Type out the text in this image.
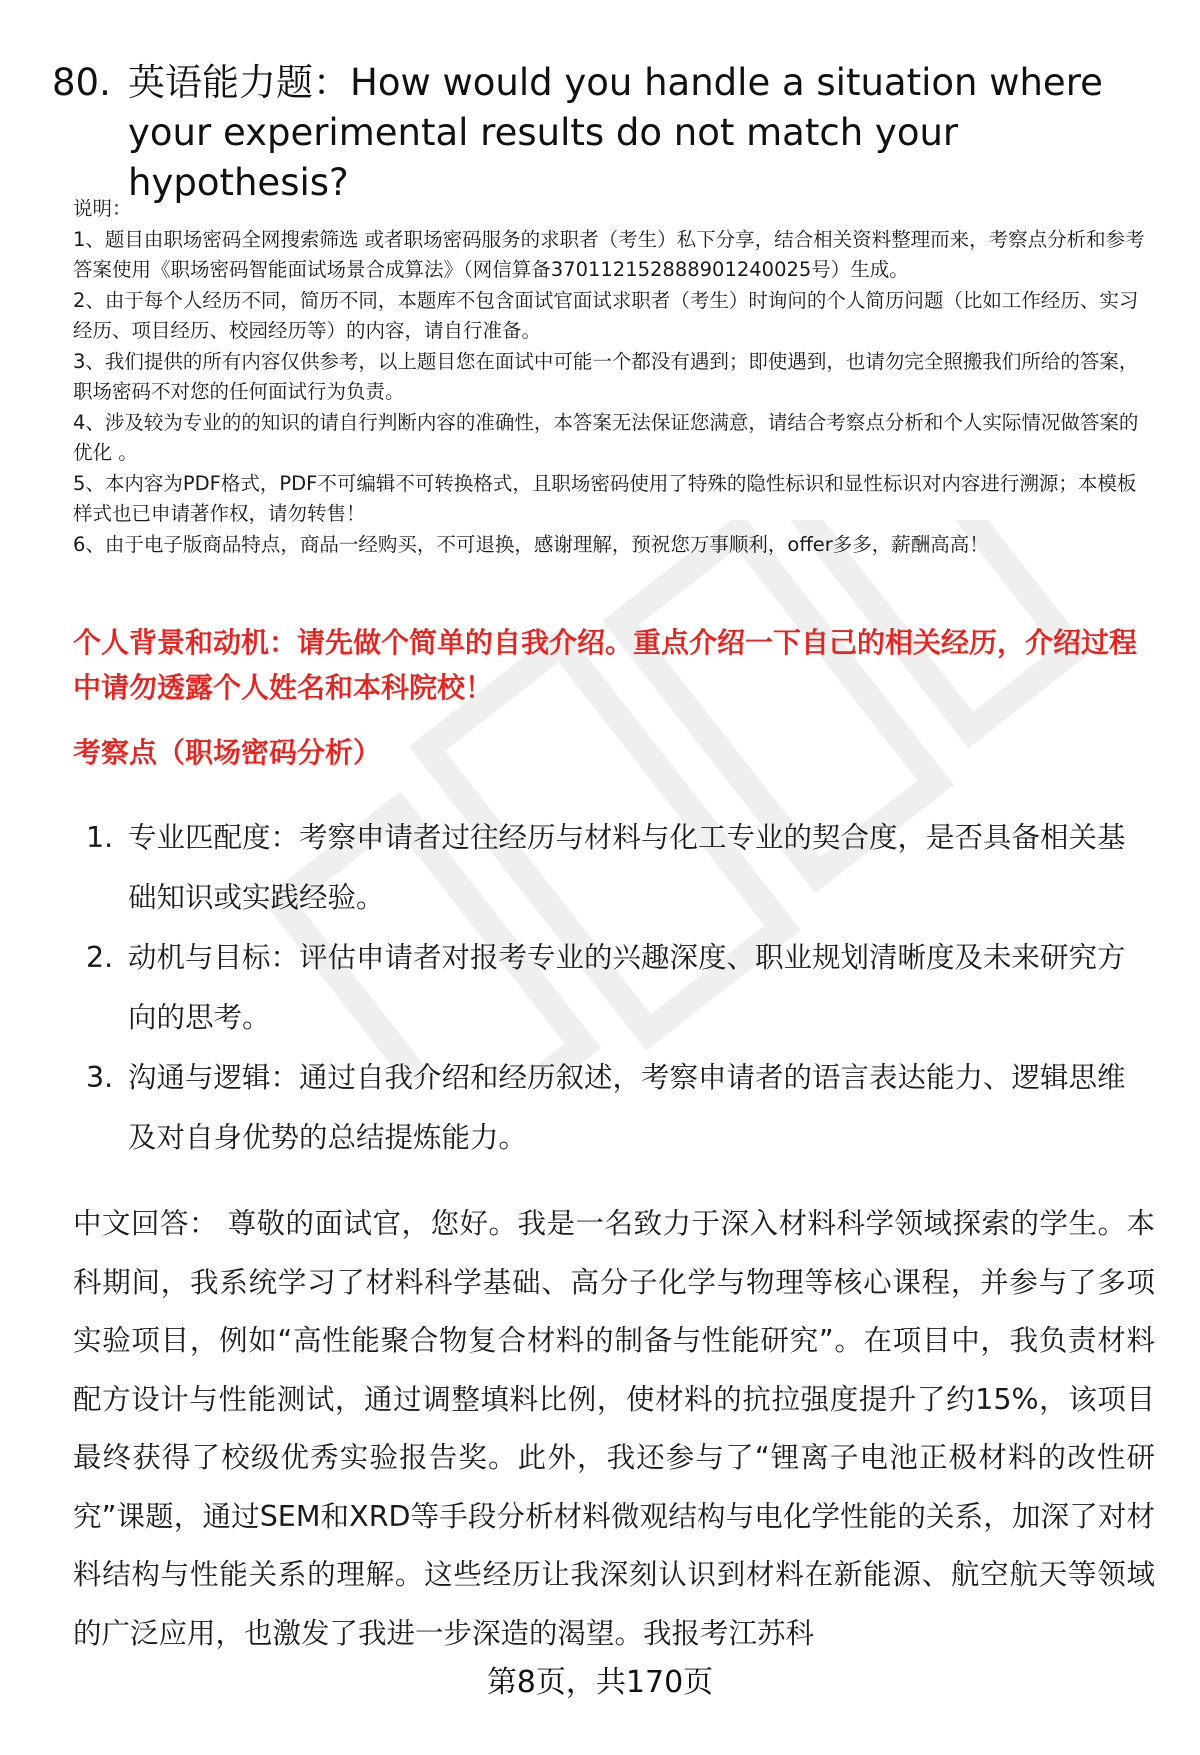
80. 英语能力题：How would you handle a situation where your experimental results do not match your hypothesis?

说明：

1、题目由职场密码全网搜索筛选 或者职场密码服务的求职者（考生）私下分享，结合相关资料整理而来，考察点分析和参考答案使用《职场密码智能面试场景合成算法》（网信算备370112152888901240025号）生成。

2、由于每个人经历不同，简历不同，本题库不包含面试官面试求职者（考生）时询问的个人简历问题（比如工作经历、实习经历、项目经历、校园经历等）的内容，请自行准备。

3、我们提供的所有内容仅供参考，以上题目您在面试中可能一个都没有遇到；即使遇到，也请勿完全照搬我们所给的答案，职场密码不对您的任何面试行为负责。

4、涉及较为专业的的知识的请自行判断内容的准确性，本答案无法保证您满意，请结合考察点分析和个人实际情况做答案的优化 。

5、本内容为PDF格式，PDF不可编辑不可转换格式，且职场密码使用了特殊的隐性标识和显性标识对内容进行溯源；本模板样式也已申请著作权，请勿转售！

6、由于电子版商品特点，商品一经购买，不可退换，感谢理解，预祝您万事顺利，offer多多，薪酬高高！

个人背景和动机：请先做个简单的自我介绍。重点介绍一下自己的相关经历，介绍过程中请勿透露个人姓名和本科院校！
考察点（职场密码分析）
1. 专业匹配度：考察申请者过往经历与材料与化工专业的契合度，是否具备相关基础知识或实践经验。
2. 动机与目标：评估申请者对报考专业的兴趣深度、职业规划清晰度及未来研究方向的思考。
3. 沟通与逻辑：通过自我介绍和经历叙述，考察申请者的语言表达能力、逻辑思维及对自身优势的总结提炼能力。
中文回答： 尊敬的面试官，您好。我是一名致力于深入材料科学领域探索的学生。本科期间，我系统学习了材料科学基础、高分子化学与物理等核心课程，并参与了多项实验项目，例如“高性能聚合物复合材料的制备与性能研究”。在项目中，我负责材料配方设计与性能测试，通过调整填料比例，使材料的抗拉强度提升了约15%，该项目最终获得了校级优秀实验报告奖。此外，我还参与了“锂离子电池正极材料的改性研究”课题，通过SEM和XRD等手段分析材料微观结构与电化学性能的关系，加深了对材料结构与性能关系的理解。这些经历让我深刻认识到材料在新能源、航空航天等领域的广泛应用，也激发了我进一步深造的渴望。我报考江苏科
第8页，共170页
